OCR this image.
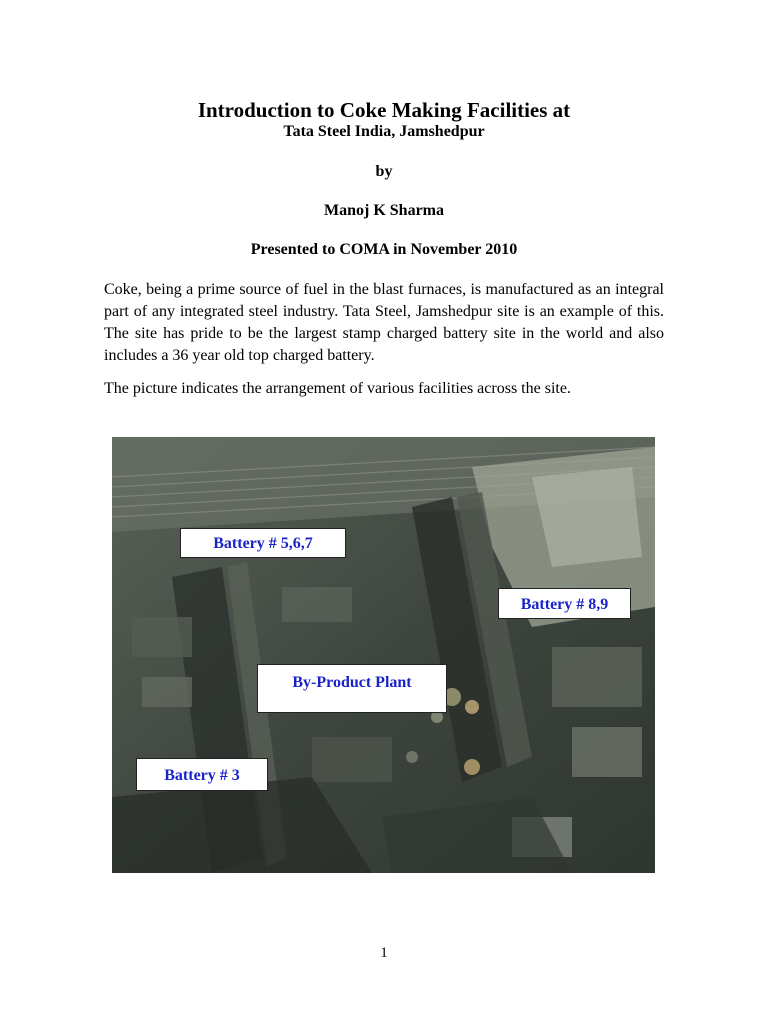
Introduction to Coke Making Facilities at
Tata Steel India, Jamshedpur
by
Manoj K Sharma
Presented to COMA in November 2010
Coke, being a prime source of fuel in the blast furnaces, is manufactured as an integral part of any integrated steel industry. Tata Steel, Jamshedpur site is an example of this. The site has pride to be the largest stamp charged battery site in the world and also includes a 36 year old top charged battery.
The picture indicates the arrangement of various facilities across the site.
Battery # 5,6,7
Battery # 8,9
By-Product Plant
Battery # 3
1
